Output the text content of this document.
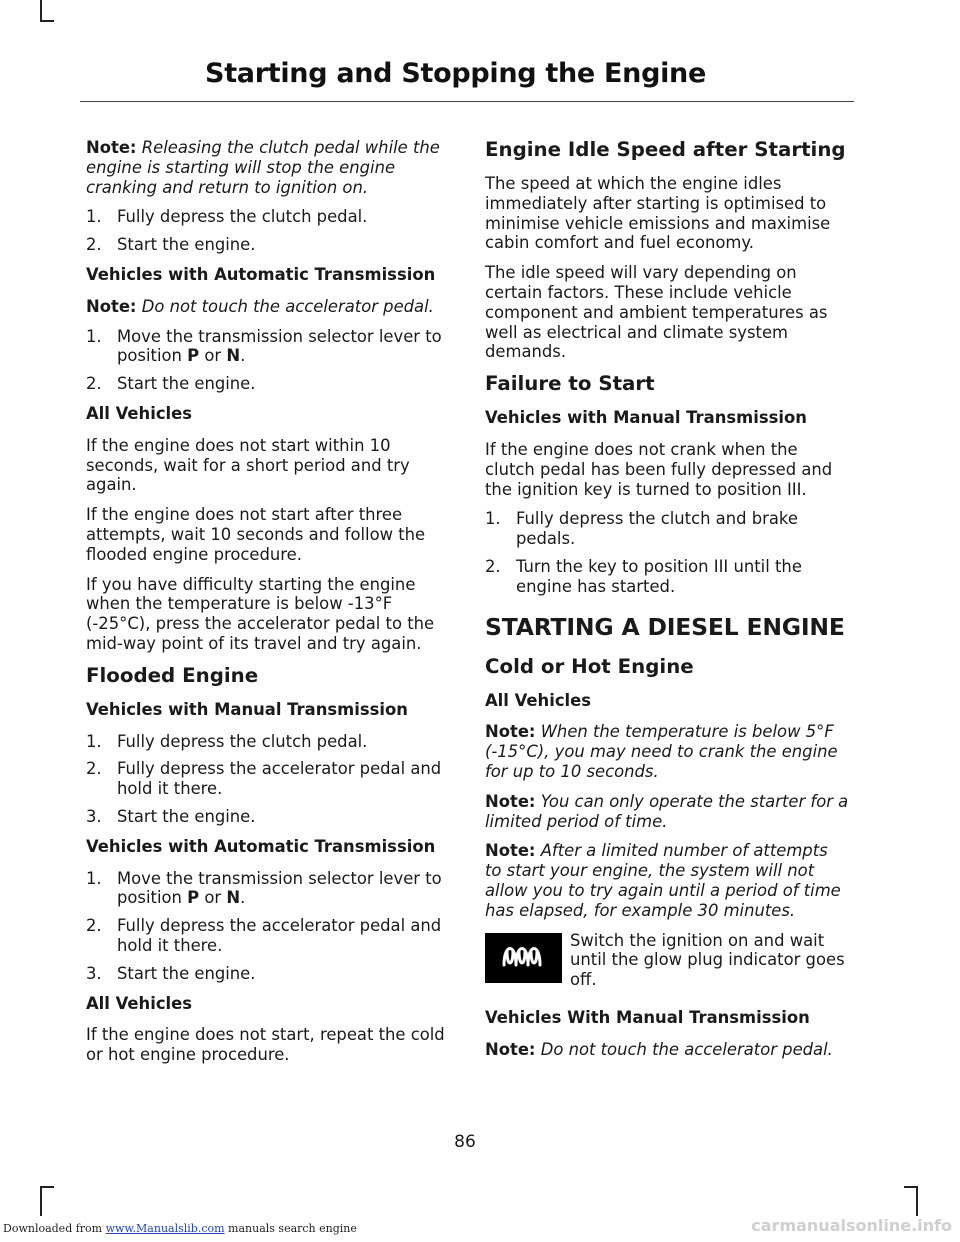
Starting and Stopping the Engine

Note: Releasing the clutch pedal while the engine is starting will stop the engine cranking and return to ignition on.

1. Fully depress the clutch pedal.
2. Start the engine.
Vehicles with Automatic Transmission

Note: Do not touch the accelerator pedal.

1. Move the transmission selector lever to position P or N.
2. Start the engine.
All Vehicles

If the engine does not start within 10 seconds, wait for a short period and try again.

If the engine does not start after three attempts, wait 10 seconds and follow the flooded engine procedure.

If you have difficulty starting the engine when the temperature is below -13°F (-25°C), press the accelerator pedal to the mid-way point of its travel and try again.

Flooded Engine
Vehicles with Manual Transmission
1. Fully depress the clutch pedal.
2. Fully depress the accelerator pedal and hold it there.
3. Start the engine.
Vehicles with Automatic Transmission
1. Move the transmission selector lever to position P or N.
2. Fully depress the accelerator pedal and hold it there.
3. Start the engine.
All Vehicles

If the engine does not start, repeat the cold or hot engine procedure.

Engine Idle Speed after Starting

The speed at which the engine idles immediately after starting is optimised to minimise vehicle emissions and maximise cabin comfort and fuel economy.

The idle speed will vary depending on certain factors. These include vehicle component and ambient temperatures as well as electrical and climate system demands.

Failure to Start
Vehicles with Manual Transmission

If the engine does not crank when the clutch pedal has been fully depressed and the ignition key is turned to position III.

1. Fully depress the clutch and brake pedals.
2. Turn the key to position III until the engine has started.
STARTING A DIESEL ENGINE
Cold or Hot Engine
All Vehicles

Note: When the temperature is below 5°F (-15°C), you may need to crank the engine for up to 10 seconds.

Note: You can only operate the starter for a limited period of time.

Note: After a limited number of attempts to start your engine, the system will not allow you to try again until a period of time has elapsed, for example 30 minutes.

Switch the ignition on and wait until the glow plug indicator goes off.

Vehicles With Manual Transmission

Note: Do not touch the accelerator pedal.

86
Downloaded from www.Manualslib.com manuals search engine	carmanualsonline.info
